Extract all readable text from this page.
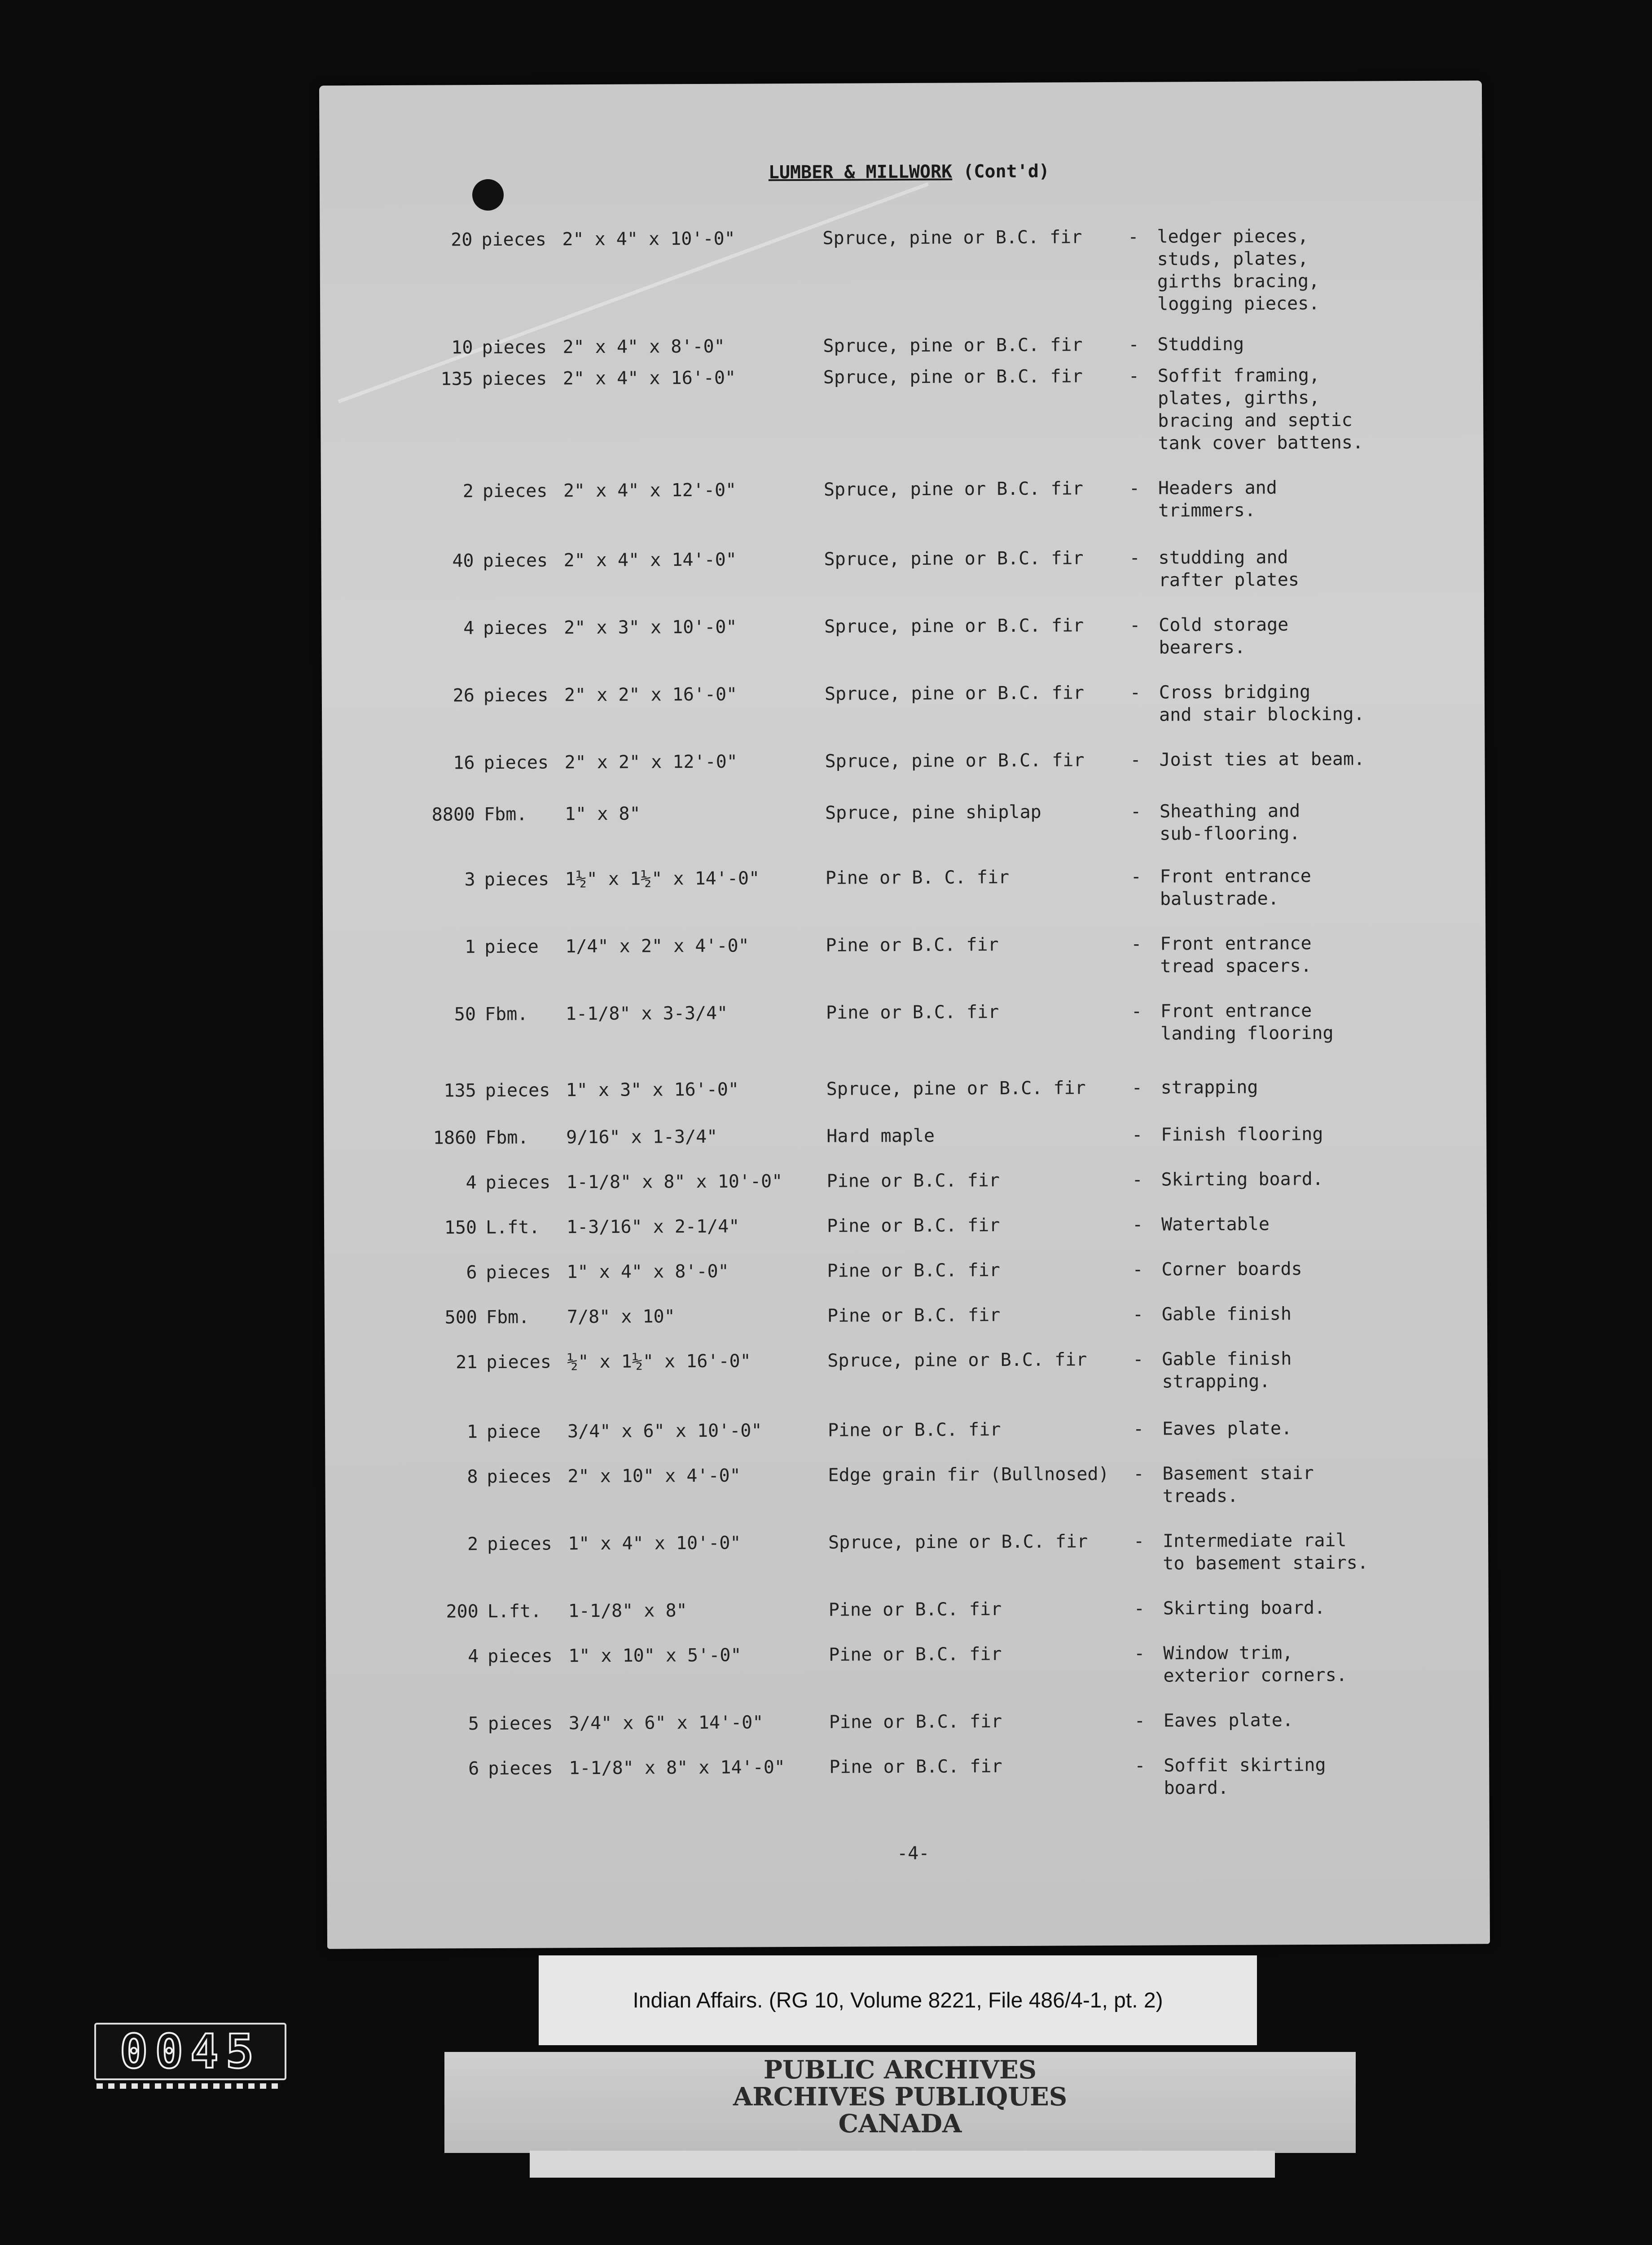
LUMBER & MILLWORK (Cont'd)
20 pieces 2" x 4" x 10'-0"	Spruce, pine or B.C. fir	- ledger pieces,
studs, plates,
girths bracing,
logging pieces.
10 pieces 2" x 4" x 8'-0"	Spruce, pine or B.C. fir	- Studding
135 pieces 2" x 4" x 16'-0"	Spruce, pine or B.C. fir	- Soffit framing,
plates, girths,
bracing and septic
tank cover battens.
2 pieces 2" x 4" x 12'-0"	Spruce, pine or B.C. fir	- Headers and
trimmers.
40 pieces 2" x 4" x 14'-0"	Spruce, pine or B.C. fir	- studding and
rafter plates
4 pieces 2" x 3" x 10'-0"	Spruce, pine or B.C. fir	- Cold storage
bearers.
26 pieces 2" x 2" x 16'-0"	Spruce, pine or B.C. fir	- Cross bridging
and stair blocking.
16 pieces 2" x 2" x 12'-0"	Spruce, pine or B.C. fir	- Joist ties at beam.
8800 Fbm. 1" x 8"	Spruce, pine shiplap	- Sheathing and
sub-flooring.
3 pieces 1½" x 1½" x 14'-0"	Pine or B. C. fir	- Front entrance
balustrade.
1 piece 1/4" x 2" x 4'-0"	Pine or B.C. fir	- Front entrance
tread spacers.
50 Fbm. 1-1/8" x 3-3/4"	Pine or B.C. fir	- Front entrance
landing flooring
135 pieces 1" x 3" x 16'-0"	Spruce, pine or B.C. fir	- strapping
1860 Fbm. 9/16" x 1-3/4"	Hard maple	- Finish flooring
4 pieces 1-1/8" x 8" x 10'-0" Pine or B.C. fir	- Skirting board.
150 L.ft. 1-3/16" x 2-1/4"	Pine or B.C. fir	- Watertable
6 pieces 1" x 4" x 8'-0"	Pine or B.C. fir	- Corner boards
500 Fbm. 7/8" x 10"	Pine or B.C. fir	- Gable finish
21 pieces ½" x 1½" x 16'-0"	Spruce, pine or B.C. fir	- Gable finish
strapping.
1 piece 3/4" x 6" x 10'-0"	Pine or B.C. fir	- Eaves plate.
8 pieces 2" x 10" x 4'-0"	Edge grain fir (Bullnosed) - Basement stair
treads.
2 pieces 1" x 4" x 10'-0"	Spruce, pine or B.C. fir	- Intermediate rail
to basement stairs.
200 L.ft. 1-1/8" x 8"	Pine or B.C. fir	- Skirting board.
4 pieces 1" x 10" x 5'-0"	Pine or B.C. fir	- Window trim,
exterior corners.
5 pieces 3/4" x 6" x 14'-0"	Pine or B.C. fir	- Eaves plate.
6 pieces 1-1/8" x 8" x 14'-0" Pine or B.C. fir	- Soffit skirting
board.
-4-
0045
Indian Affairs. (RG 10, Volume 8221, File 486/4-1, pt. 2)
PUBLIC ARCHIVES
ARCHIVES PUBLIQUES
CANADA
